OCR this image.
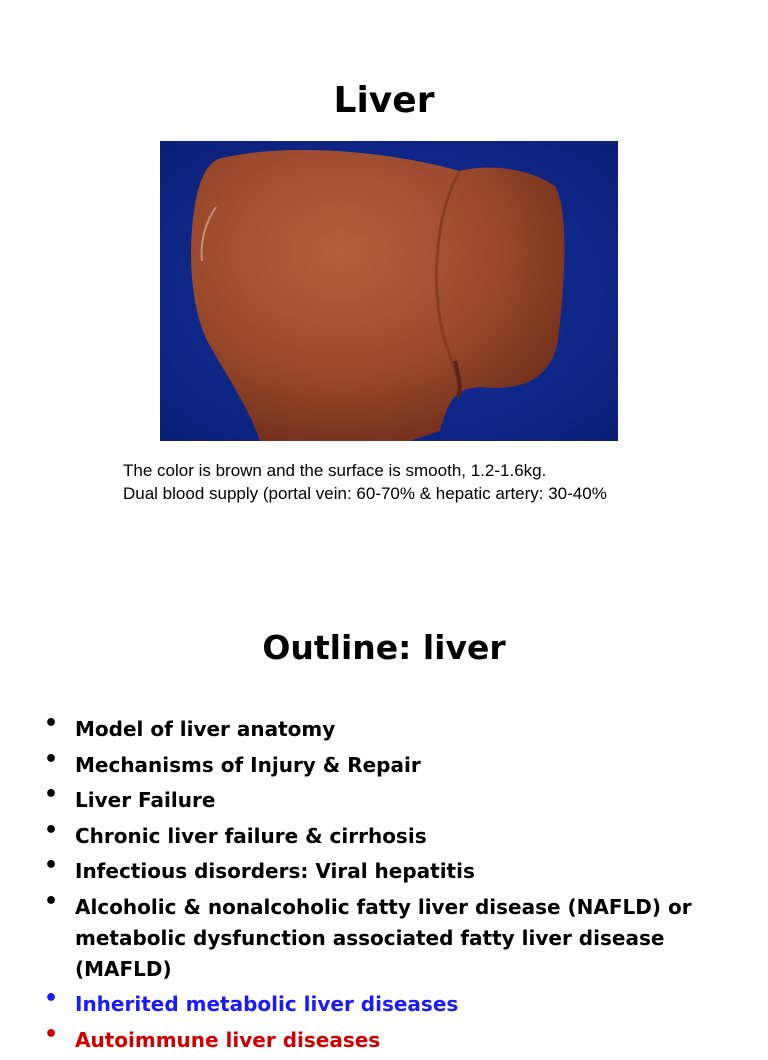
Liver

The color is brown and the surface is smooth, 1.2-1.6kg.

Dual blood supply (portal vein: 60-70% & hepatic artery: 30-40%

Outline: liver
• Model of liver anatomy
• Mechanisms of Injury & Repair
• Liver Failure
• Chronic liver failure & cirrhosis
• Infectious disorders: Viral hepatitis
• Alcoholic & nonalcoholic fatty liver disease (NAFLD) or metabolic dysfunction associated fatty liver disease (MAFLD)
• Inherited metabolic liver diseases
• Autoimmune liver diseases
